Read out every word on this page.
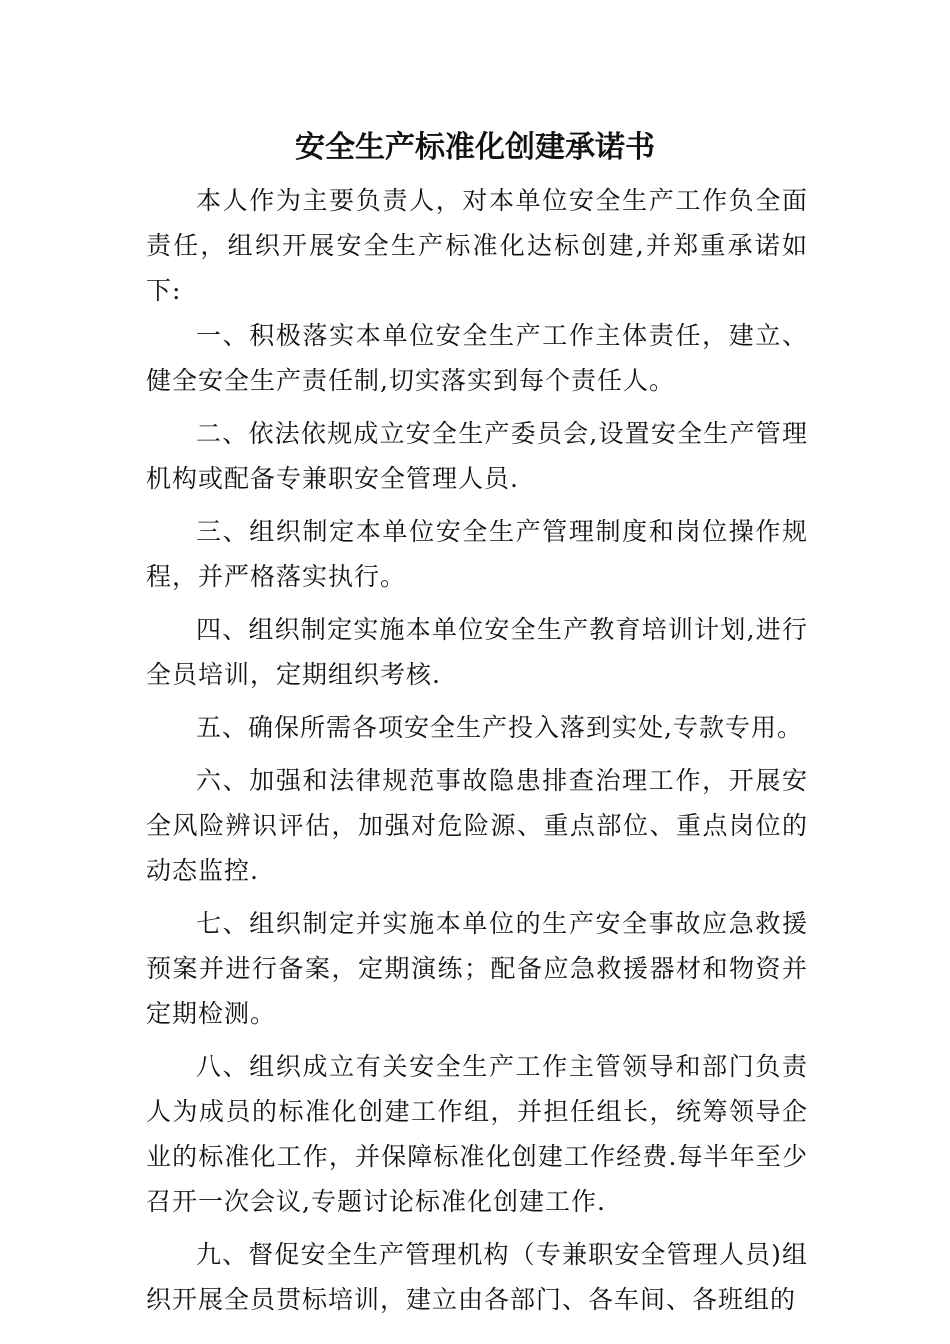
安全生产标准化创建承诺书

本人作为主要负责人，对本单位安全生产工作负全面责任，组织开展安全生产标准化达标创建,并郑重承诺如下:

一、积极落实本单位安全生产工作主体责任，建立、健全安全生产责任制,切实落实到每个责任人。

二、依法依规成立安全生产委员会,设置安全生产管理机构或配备专兼职安全管理人员.

三、组织制定本单位安全生产管理制度和岗位操作规程，并严格落实执行。

四、组织制定实施本单位安全生产教育培训计划,进行全员培训，定期组织考核.

五、确保所需各项安全生产投入落到实处,专款专用。

六、加强和法律规范事故隐患排查治理工作，开展安全风险辨识评估，加强对危险源、重点部位、重点岗位的动态监控.

七、组织制定并实施本单位的生产安全事故应急救援预案并进行备案，定期演练；配备应急救援器材和物资并定期检测。

八、组织成立有关安全生产工作主管领导和部门负责人为成员的标准化创建工作组，并担任组长，统筹领导企业的标准化工作，并保障标准化创建工作经费.每半年至少召开一次会议,专题讨论标准化创建工作.

九、督促安全生产管理机构（专兼职安全管理人员)组织开展全员贯标培训，建立由各部门、各车间、各班组的
